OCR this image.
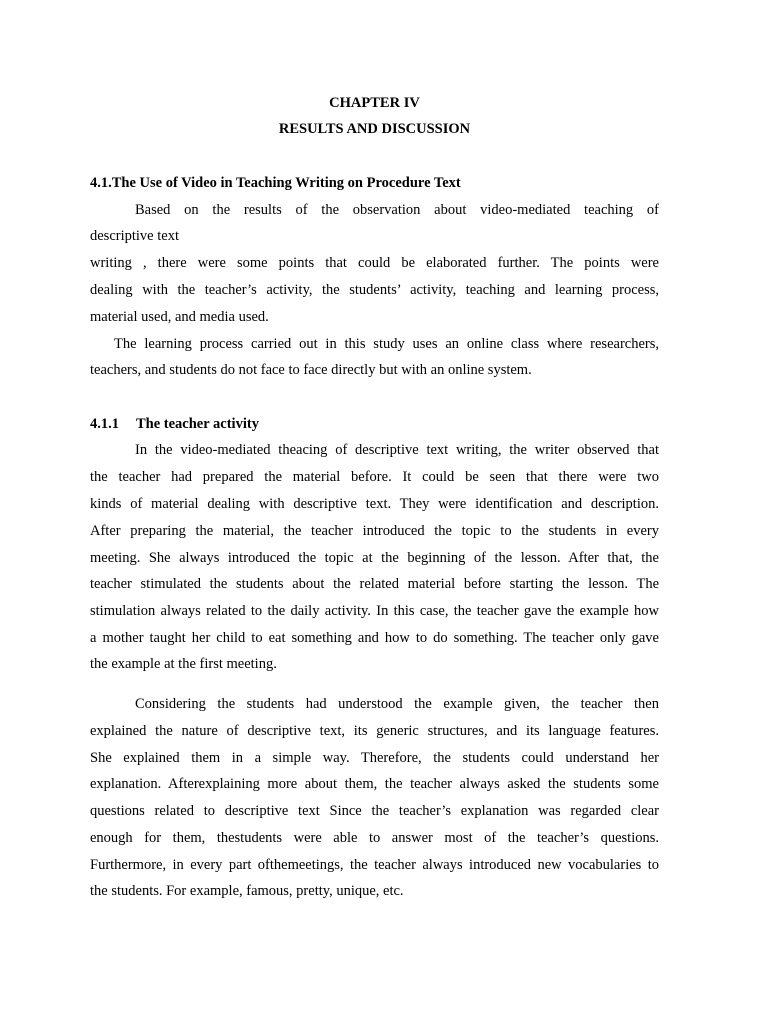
CHAPTER IV
RESULTS AND DISCUSSION
4.1.The Use of Video in Teaching Writing on Procedure Text
Based on the results of the observation about video-mediated teaching of
descriptive text
writing , there were some points that could be elaborated further. The points were
dealing with the teacher’s activity, the students’ activity, teaching and learning process,
material used, and media used.
The learning process carried out in this study uses an online class where researchers,
teachers, and students do not face to face directly but with an online system.
4.1.1 The teacher activity
In the video-mediated theacing of descriptive text writing, the writer observed that
the teacher had prepared the material before. It could be seen that there were two
kinds of material dealing with descriptive text. They were identification and description.
After preparing the material, the teacher introduced the topic to the students in every
meeting. She always introduced the topic at the beginning of the lesson. After that, the
teacher stimulated the students about the related material before starting the lesson. The
stimulation always related to the daily activity. In this case, the teacher gave the example how
a mother taught her child to eat something and how to do something. The teacher only gave
the example at the first meeting.
Considering the students had understood the example given, the teacher then
explained the nature of descriptive text, its generic structures, and its language features.
She explained them in a simple way. Therefore, the students could understand her
explanation. Afterexplaining more about them, the teacher always asked the students some
questions related to descriptive text Since the teacher’s explanation was regarded clear
enough for them, thestudents were able to answer most of the teacher’s questions.
Furthermore, in every part ofthemeetings, the teacher always introduced new vocabularies to
the students. For example, famous, pretty, unique, etc.
